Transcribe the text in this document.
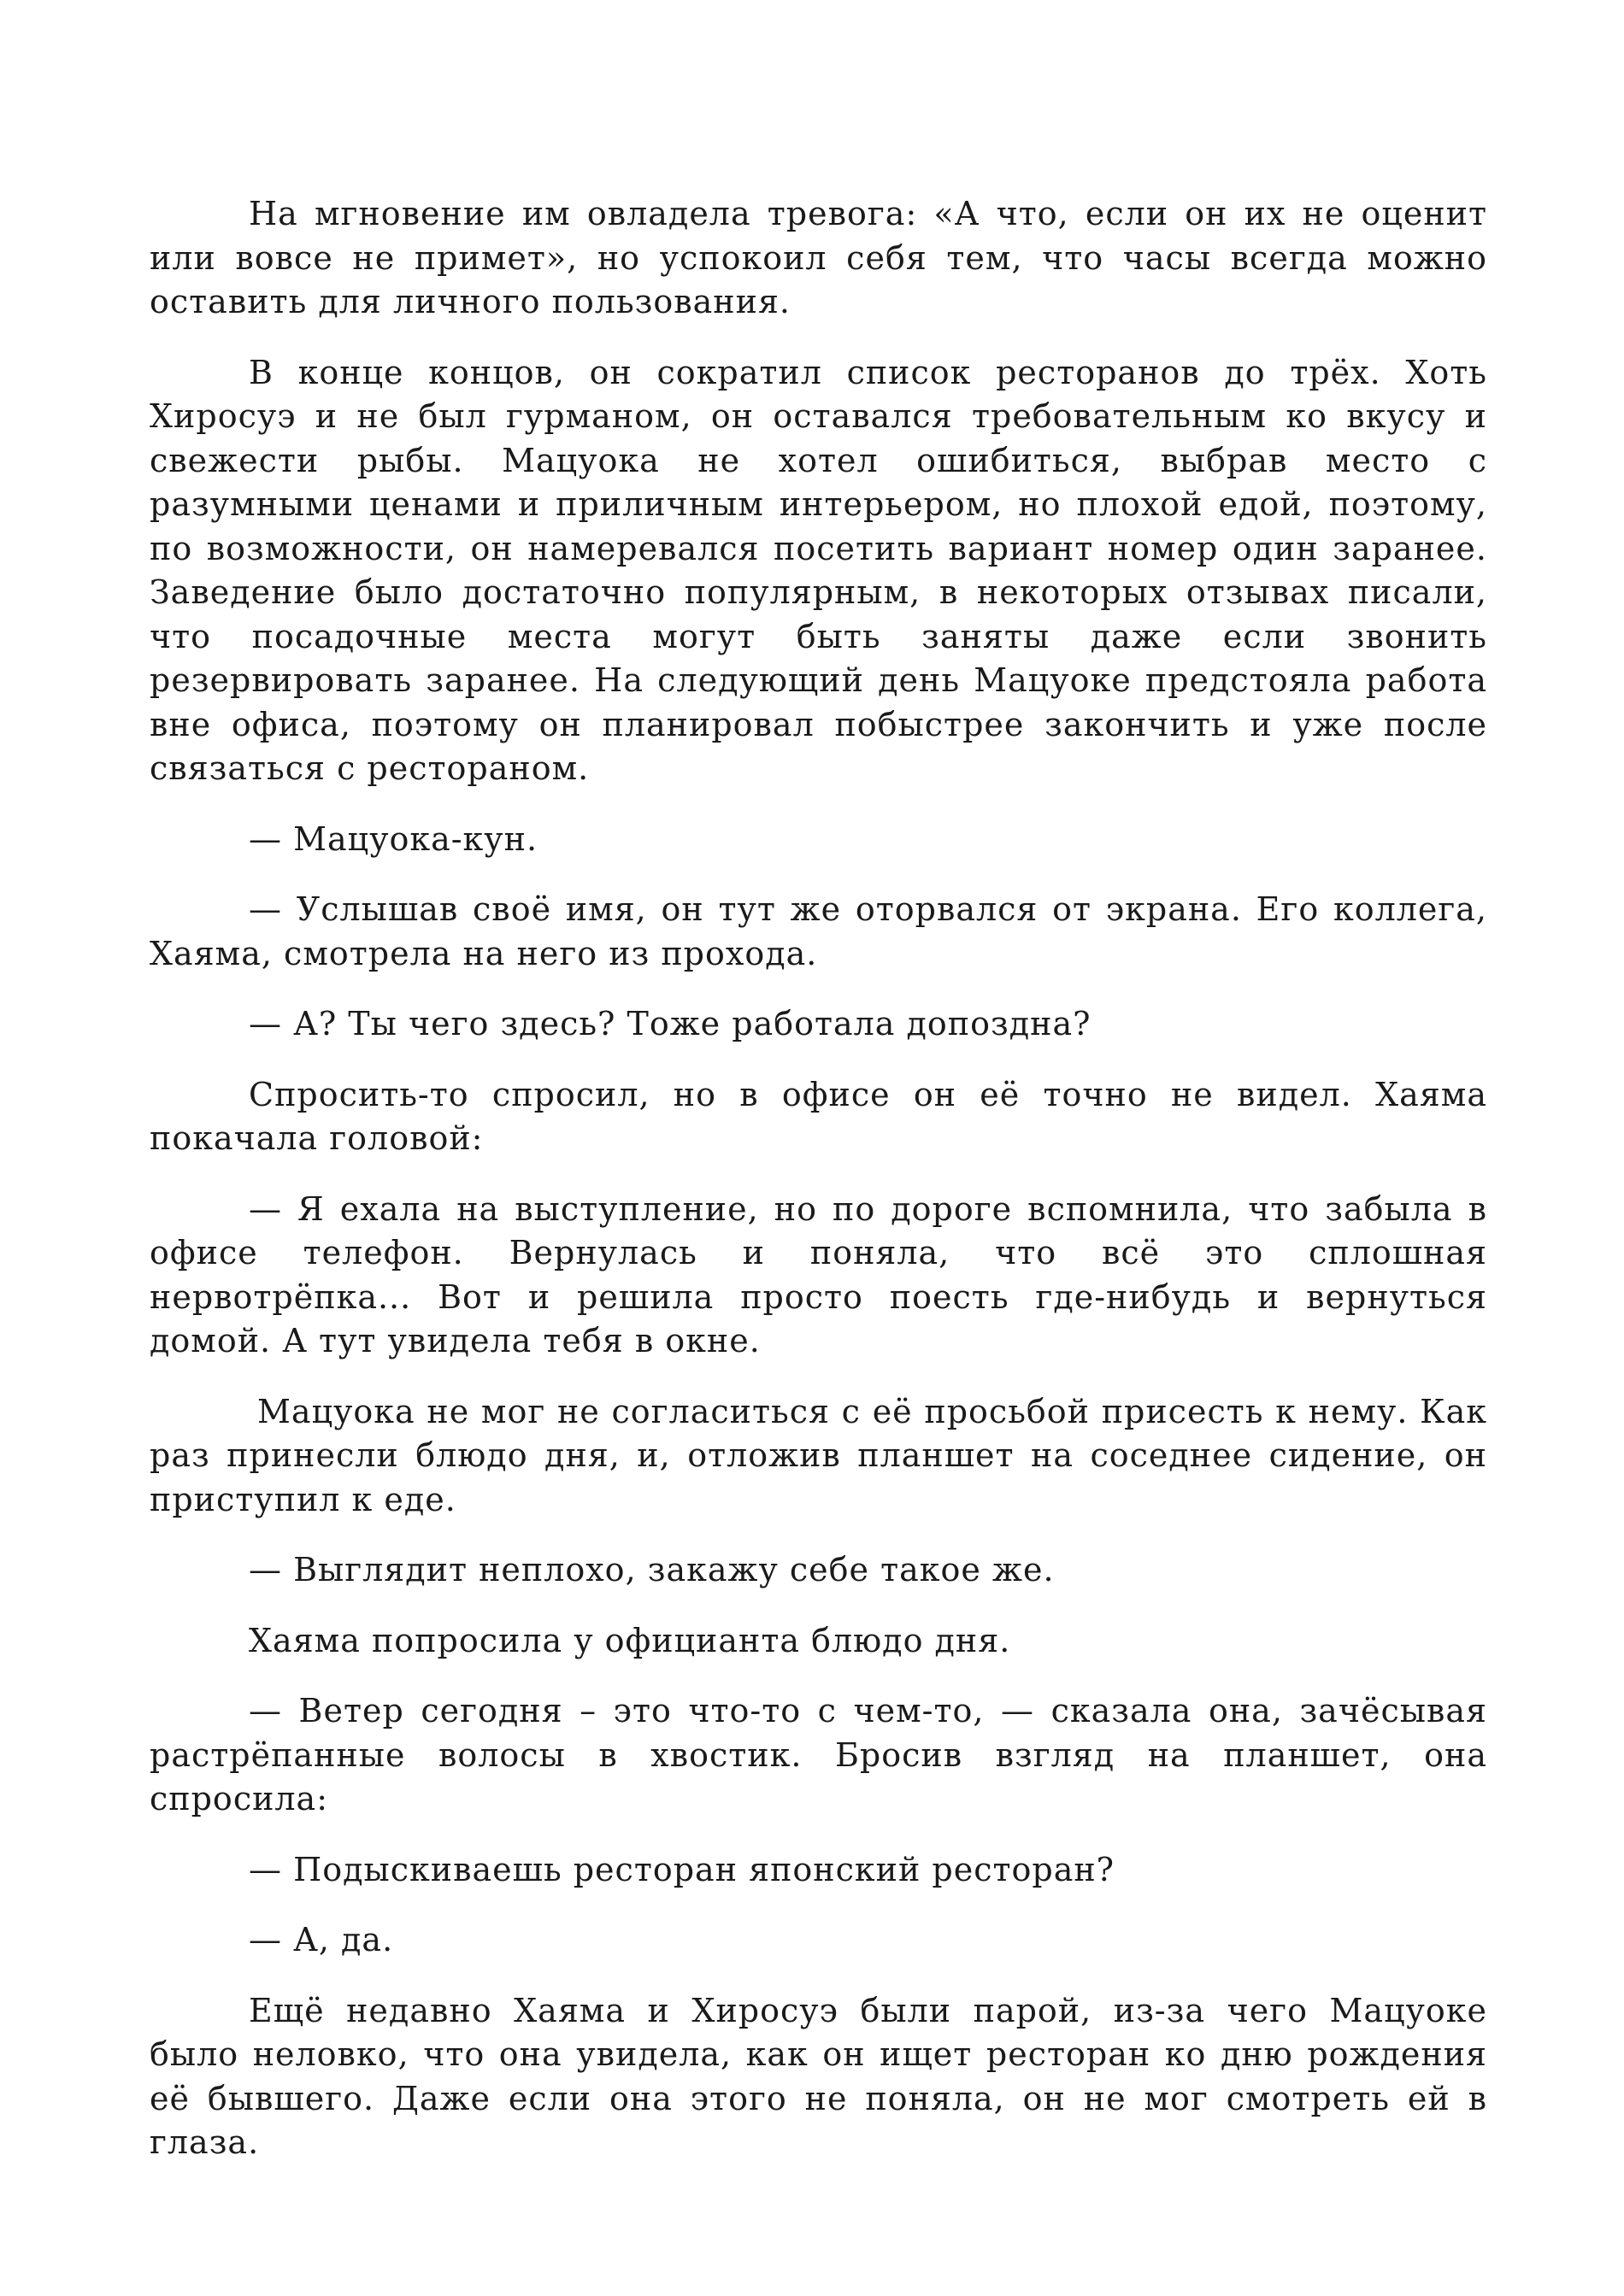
На мгновение им овладела тревога: «А что, если он их не оценит или вовсе не примет», но успокоил себя тем, что часы всегда можно оставить для личного пользования.

В конце концов, он сократил список ресторанов до трёх. Хоть Хиросуэ и не был гурманом, он оставался требовательным ко вкусу и свежести рыбы. Мацуока не хотел ошибиться, выбрав место с разумными ценами и приличным интерьером, но плохой едой, поэтому, по возможности, он намеревался посетить вариант номер один заранее. Заведение было достаточно популярным, в некоторых отзывах писали, что посадочные места могут быть заняты даже если звонить резервировать заранее. На следующий день Мацуоке предстояла работа вне офиса, поэтому он планировал побыстрее закончить и уже после связаться с рестораном.

— Мацуока-кун.

— Услышав своё имя, он тут же оторвался от экрана. Его коллега, Хаяма, смотрела на него из прохода.

— А? Ты чего здесь? Тоже работала допоздна?

Спросить-то спросил, но в офисе он её точно не видел. Хаяма покачала головой:

— Я ехала на выступление, но по дороге вспомнила, что забыла в офисе телефон. Вернулась и поняла, что всё это сплошная нервотрёпка... Вот и решила просто поесть где-нибудь и вернуться домой. А тут увидела тебя в окне.

Мацуока не мог не согласиться с её просьбой присесть к нему. Как раз принесли блюдо дня, и, отложив планшет на соседнее сидение, он приступил к еде.

— Выглядит неплохо, закажу себе такое же.

Хаяма попросила у официанта блюдо дня.

— Ветер сегодня – это что-то с чем-то, — сказала она, зачёсывая растрёпанные волосы в хвостик. Бросив взгляд на планшет, она спросила:

— Подыскиваешь ресторан японский ресторан?

— А, да.

Ещё недавно Хаяма и Хиросуэ были парой, из-за чего Мацуоке было неловко, что она увидела, как он ищет ресторан ко дню рождения её бывшего. Даже если она этого не поняла, он не мог смотреть ей в глаза.
